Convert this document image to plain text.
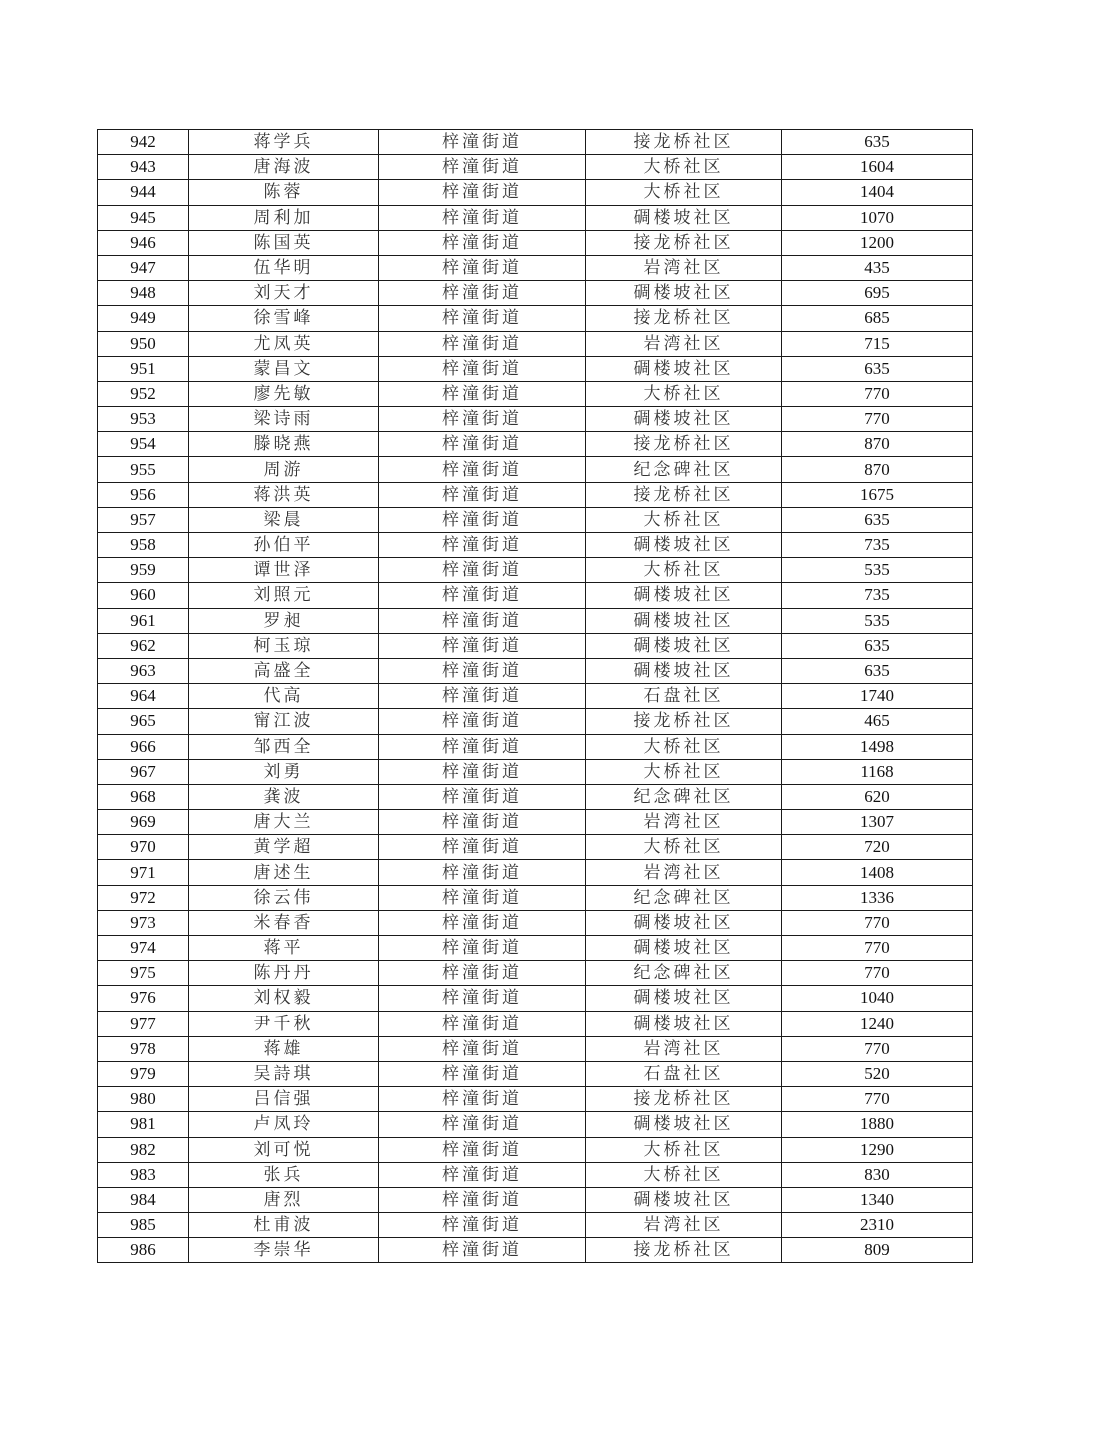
942	蒋学兵	梓潼街道	接龙桥社区	635
943	唐海波	梓潼街道	大桥社区	1604
944	陈蓉	梓潼街道	大桥社区	1404
945	周利加	梓潼街道	碉楼坡社区	1070
946	陈国英	梓潼街道	接龙桥社区	1200
947	伍华明	梓潼街道	岩湾社区	435
948	刘天才	梓潼街道	碉楼坡社区	695
949	徐雪峰	梓潼街道	接龙桥社区	685
950	尤凤英	梓潼街道	岩湾社区	715
951	蒙昌文	梓潼街道	碉楼坡社区	635
952	廖先敏	梓潼街道	大桥社区	770
953	梁诗雨	梓潼街道	碉楼坡社区	770
954	滕晓燕	梓潼街道	接龙桥社区	870
955	周游	梓潼街道	纪念碑社区	870
956	蒋洪英	梓潼街道	接龙桥社区	1675
957	梁晨	梓潼街道	大桥社区	635
958	孙伯平	梓潼街道	碉楼坡社区	735
959	谭世泽	梓潼街道	大桥社区	535
960	刘照元	梓潼街道	碉楼坡社区	735
961	罗昶	梓潼街道	碉楼坡社区	535
962	柯玉琼	梓潼街道	碉楼坡社区	635
963	高盛全	梓潼街道	碉楼坡社区	635
964	代高	梓潼街道	石盘社区	1740
965	甯江波	梓潼街道	接龙桥社区	465
966	邹西全	梓潼街道	大桥社区	1498
967	刘勇	梓潼街道	大桥社区	1168
968	龚波	梓潼街道	纪念碑社区	620
969	唐大兰	梓潼街道	岩湾社区	1307
970	黄学超	梓潼街道	大桥社区	720
971	唐述生	梓潼街道	岩湾社区	1408
972	徐云伟	梓潼街道	纪念碑社区	1336
973	米春香	梓潼街道	碉楼坡社区	770
974	蒋平	梓潼街道	碉楼坡社区	770
975	陈丹丹	梓潼街道	纪念碑社区	770
976	刘权毅	梓潼街道	碉楼坡社区	1040
977	尹千秋	梓潼街道	碉楼坡社区	1240
978	蒋雄	梓潼街道	岩湾社区	770
979	吴詩琪	梓潼街道	石盘社区	520
980	吕信强	梓潼街道	接龙桥社区	770
981	卢凤玲	梓潼街道	碉楼坡社区	1880
982	刘可悦	梓潼街道	大桥社区	1290
983	张兵	梓潼街道	大桥社区	830
984	唐烈	梓潼街道	碉楼坡社区	1340
985	杜甫波	梓潼街道	岩湾社区	2310
986	李崇华	梓潼街道	接龙桥社区	809
